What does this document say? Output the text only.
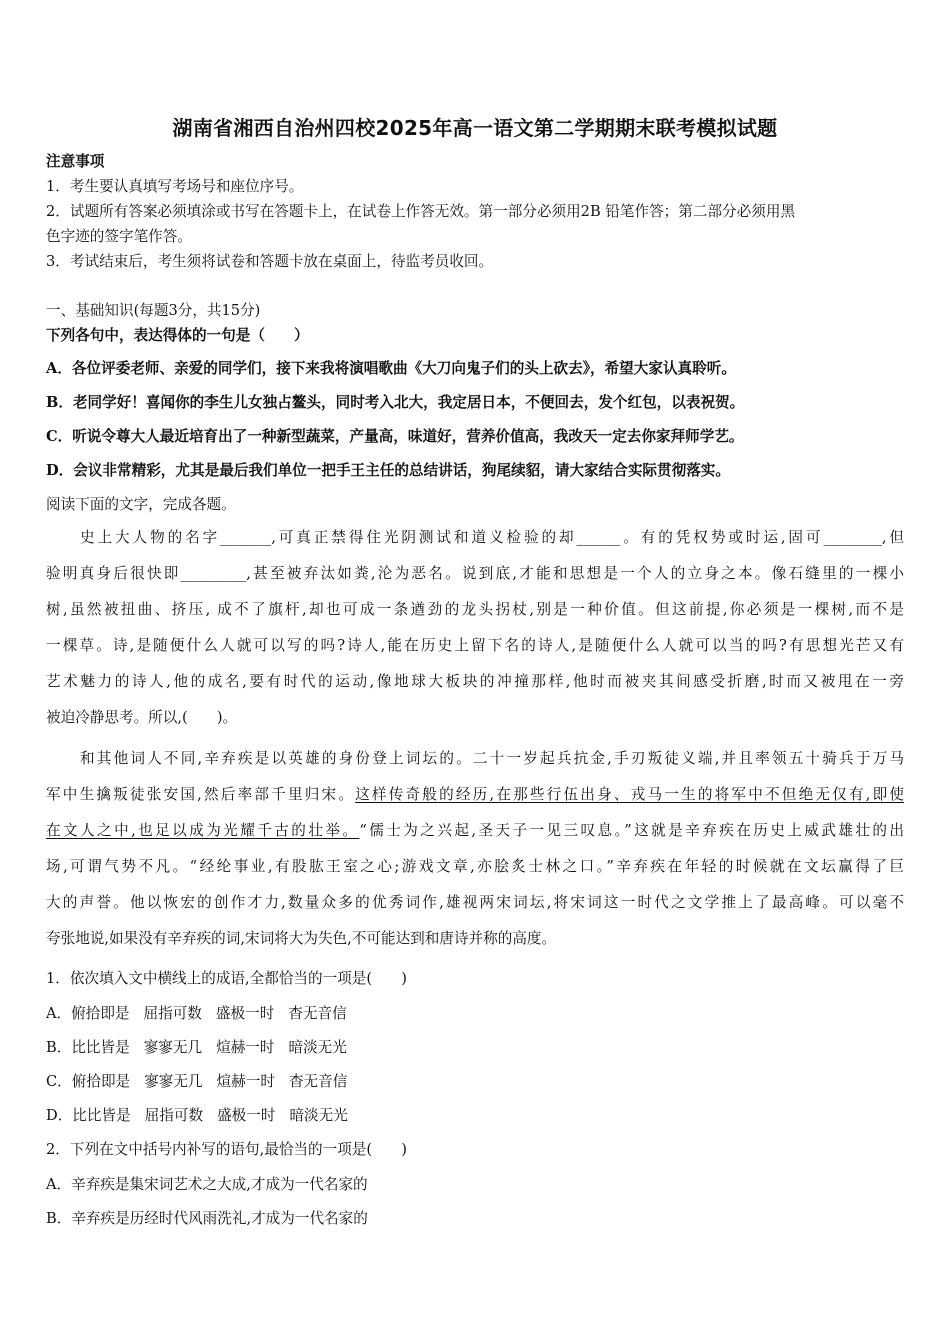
湖南省湘西自治州四校2025年高一语文第二学期期末联考模拟试题
注意事项
1．考生要认真填写考场号和座位序号。
2．试题所有答案必须填涂或书写在答题卡上，在试卷上作答无效。第一部分必须用2B 铅笔作答；第二部分必须用黑
色字迹的签字笔作答。
3．考试结束后，考生须将试卷和答题卡放在桌面上，待监考员收回。
一、基础知识(每题3分，共15分)
下列各句中，表达得体的一句是（　　）
A．各位评委老师、亲爱的同学们，接下来我将演唱歌曲《大刀向鬼子们的头上砍去》，希望大家认真聆听。
B．老同学好！喜闻你的李生儿女独占鳌头，同时考入北大，我定居日本，不便回去，发个红包，以表祝贺。
C．听说令尊大人最近培育出了一种新型蔬菜，产量高，味道好，营养价值高，我改天一定去你家拜师学艺。
D．会议非常精彩，尤其是最后我们单位一把手王主任的总结讲话，狗尾续貂，请大家结合实际贯彻落实。
阅读下面的文字，完成各题。

史上大人物的名字_______,可真正禁得住光阴测试和道义检验的却______。有的凭权势或时运,固可________,但

验明真身后很快即_________,甚至被弃汰如粪,沦为恶名。说到底,才能和思想是一个人的立身之本。像石缝里的一棵小

树,虽然被扭曲、挤压, 成不了旗杆,却也可成一条遒劲的龙头拐杖,别是一种价值。但这前提,你必须是一棵树,而不是

一棵草。诗,是随便什么人就可以写的吗?诗人,能在历史上留下名的诗人,是随便什么人就可以当的吗?有思想光芒又有

艺术魅力的诗人,他的成名,要有时代的运动,像地球大板块的冲撞那样,他时而被夹其间感受折磨,时而又被甩在一旁

被迫冷静思考。所以,(　　)。

和其他词人不同,辛弃疾是以英雄的身份登上词坛的。二十一岁起兵抗金,手刃叛徒义端,并且率领五十骑兵于万马

军中生擒叛徒张安国,然后率部千里归宋。这样传奇般的经历,在那些行伍出身、戎马一生的将军中不但绝无仅有,即使

在文人之中,也足以成为光耀千古的壮举。“儒士为之兴起,圣天子一见三叹息。”这就是辛弃疾在历史上威武雄壮的出

场,可谓气势不凡。“经纶事业,有股肱王室之心;游戏文章,亦脍炙士林之口。”辛弃疾在年轻的时候就在文坛赢得了巨

大的声誉。他以恢宏的创作才力,数量众多的优秀词作,雄视两宋词坛,将宋词这一时代之文学推上了最高峰。可以毫不

夸张地说,如果没有辛弃疾的词,宋词将大为失色,不可能达到和唐诗并称的高度。

1．依次填入文中横线上的成语,全都恰当的一项是(　　)
A．俯拾即是 屈指可数 盛极一时 杳无音信
B．比比皆是 寥寥无几 煊赫一时 暗淡无光
C．俯拾即是 寥寥无几 煊赫一时 杳无音信
D．比比皆是 屈指可数 盛极一时 暗淡无光
2．下列在文中括号内补写的语句,最恰当的一项是(　　)
A．辛弃疾是集宋词艺术之大成,才成为一代名家的
B．辛弃疾是历经时代风雨洗礼,才成为一代名家的
